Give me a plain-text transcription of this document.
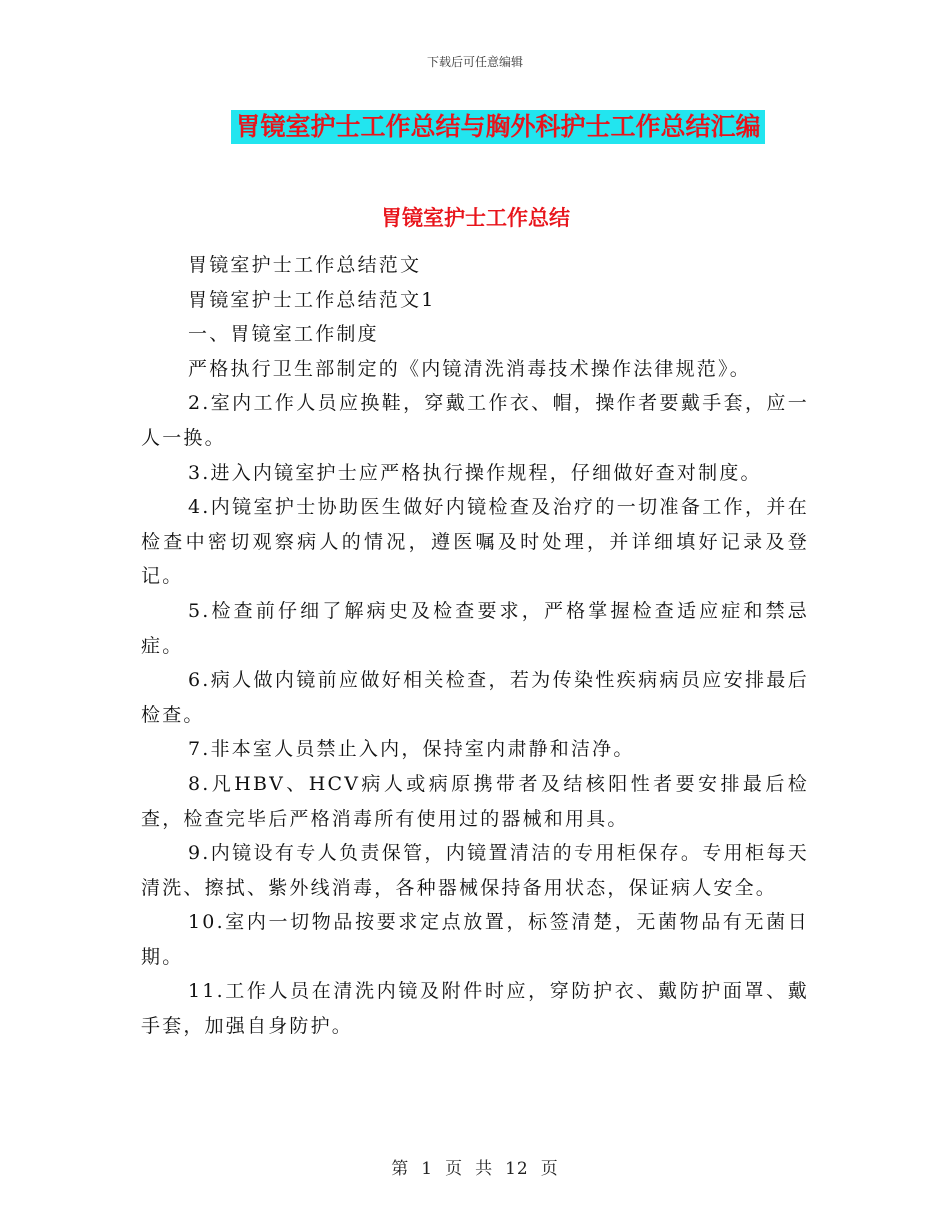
下载后可任意编辑
胃镜室护士工作总结与胸外科护士工作总结汇编
胃镜室护士工作总结

胃镜室护士工作总结范文

胃镜室护士工作总结范文1

一、胃镜室工作制度

严格执行卫生部制定的《内镜清洗消毒技术操作法律规范》。

2.室内工作人员应换鞋，穿戴工作衣、帽，操作者要戴手套，应一人一换。

3.进入内镜室护士应严格执行操作规程，仔细做好查对制度。

4.内镜室护士协助医生做好内镜检查及治疗的一切准备工作，并在检查中密切观察病人的情况，遵医嘱及时处理，并详细填好记录及登记。

5.检查前仔细了解病史及检查要求，严格掌握检查适应症和禁忌症。

6.病人做内镜前应做好相关检查，若为传染性疾病病员应安排最后检查。

7.非本室人员禁止入内，保持室内肃静和洁净。

8.凡HBV、HCV病人或病原携带者及结核阳性者要安排最后检查，检查完毕后严格消毒所有使用过的器械和用具。

9.内镜设有专人负责保管，内镜置清洁的专用柜保存。专用柜每天清洗、擦拭、紫外线消毒，各种器械保持备用状态，保证病人安全。

10.室内一切物品按要求定点放置，标签清楚，无菌物品有无菌日期。

11.工作人员在清洗内镜及附件时应，穿防护衣、戴防护面罩、戴手套，加强自身防护。

第 1 页 共 12 页
